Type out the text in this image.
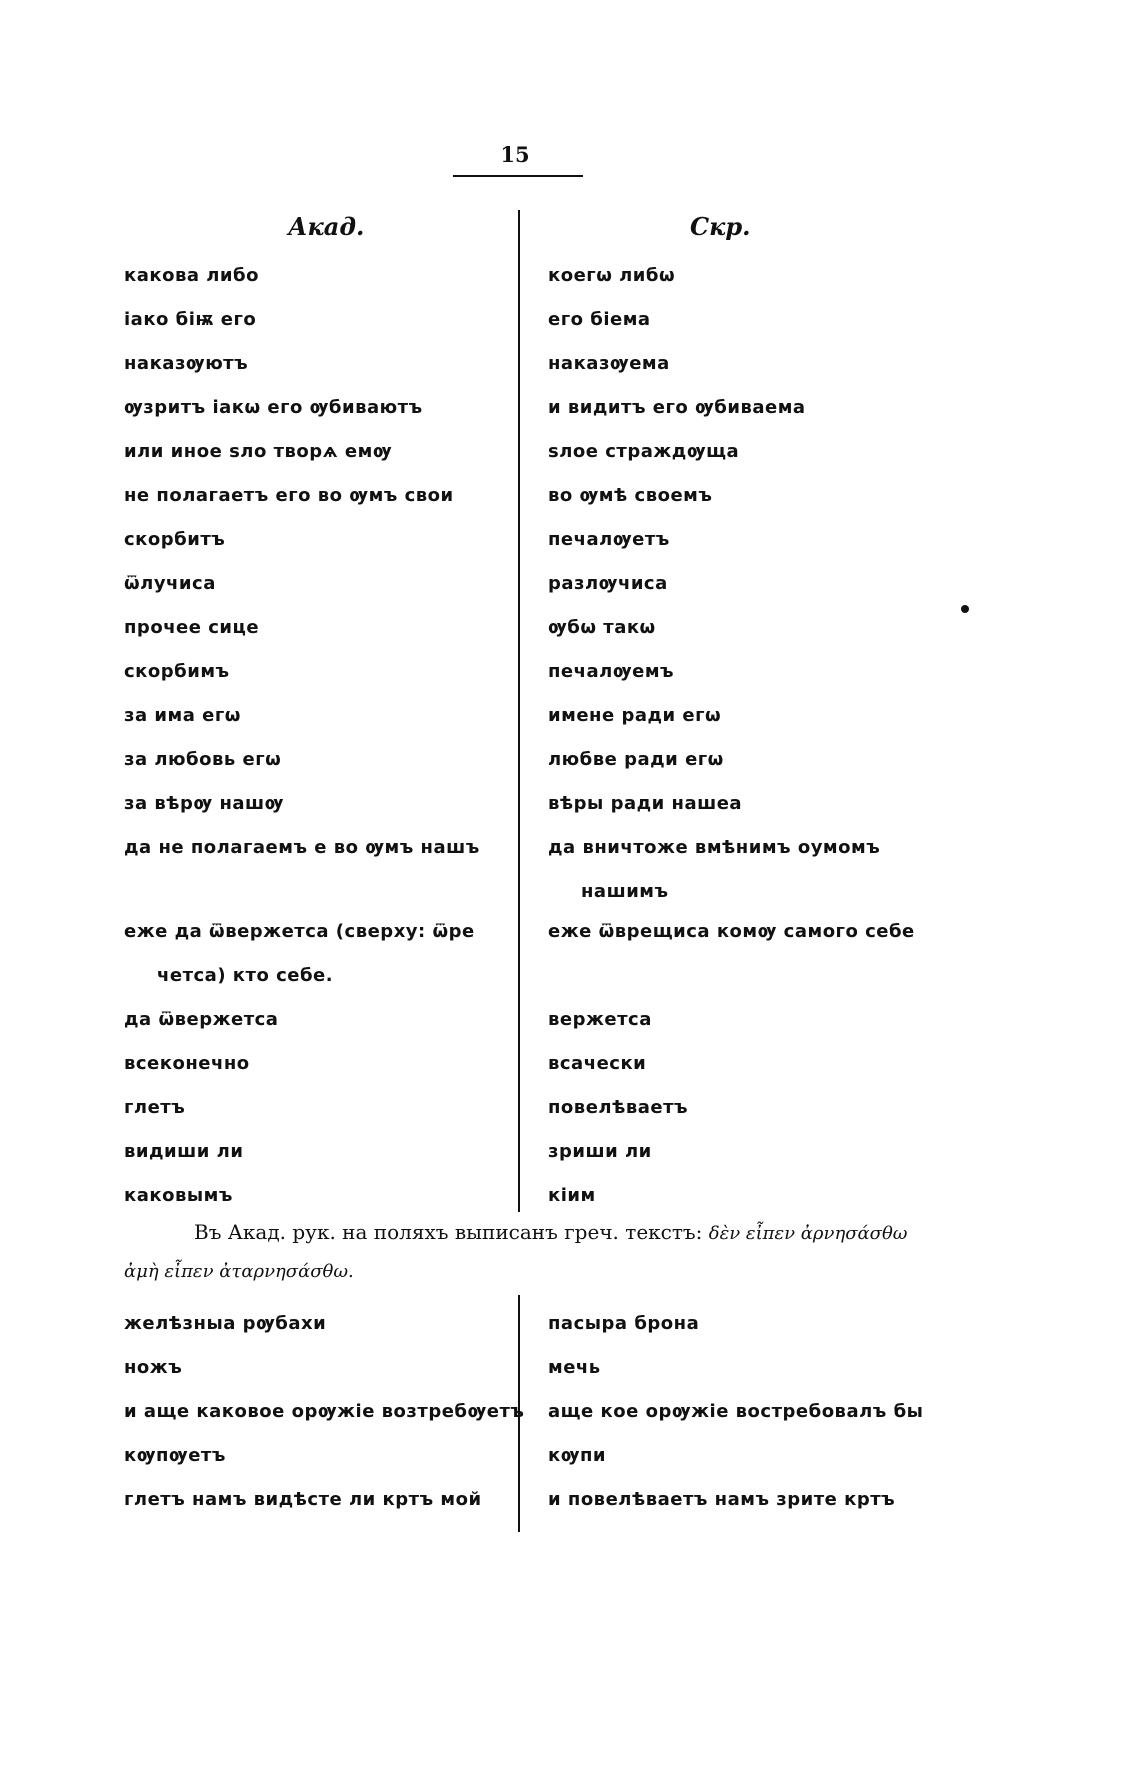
15
Акад.	Скр.
какова либо
іако біѭ его
наказѹютъ
ѹзритъ іакѡ его ѹбиваютъ
или иное ѕло творѧ емѹ
не полагаетъ его во ѹмъ свои
скорбитъ
ѿлучиса
прочее сице
скорбимъ
за има егѡ
за любовь егѡ
за вѣрѹ нашѹ
да не полагаемъ е во ѹмъ нашъ
коегѡ либѡ
его біема
наказѹема
и видитъ его ѹбиваема
ѕлое страждѹща
во ѹмѣ своемъ
печалѹетъ
разлѹчиса
ѹбѡ такѡ
печалѹемъ
имене ради егѡ
любве ради егѡ
вѣры ради нашеа
да вничтоже вмѣнимъ оумомъ
нашимъ
еже да ѿвержетса (сверху: ѿре
четса) кто себе.
да ѿвержетса
всеконечно
глетъ
видиши ли
каковымъ
еже ѿврещиса комѹ самого себе
вержетса
всачески
повелѣваетъ
зриши ли
кіим

Въ Акад. рук. на поляхъ выписанъ греч. текстъ: δὲν εἶπεν ἀρνησάσθω ἀμὴ εἶπεν ἀταρνησάσθω.

желѣзныа рѹбахи
ножъ
и аще каковое орѹжіе возтребѹетъ
кѹпѹетъ
глетъ намъ видѣсте ли кртъ мой
пасыра брона
мечь
аще кое орѹжіе востребовалъ бы
кѹпи
и повелѣваетъ намъ зрите кртъ
